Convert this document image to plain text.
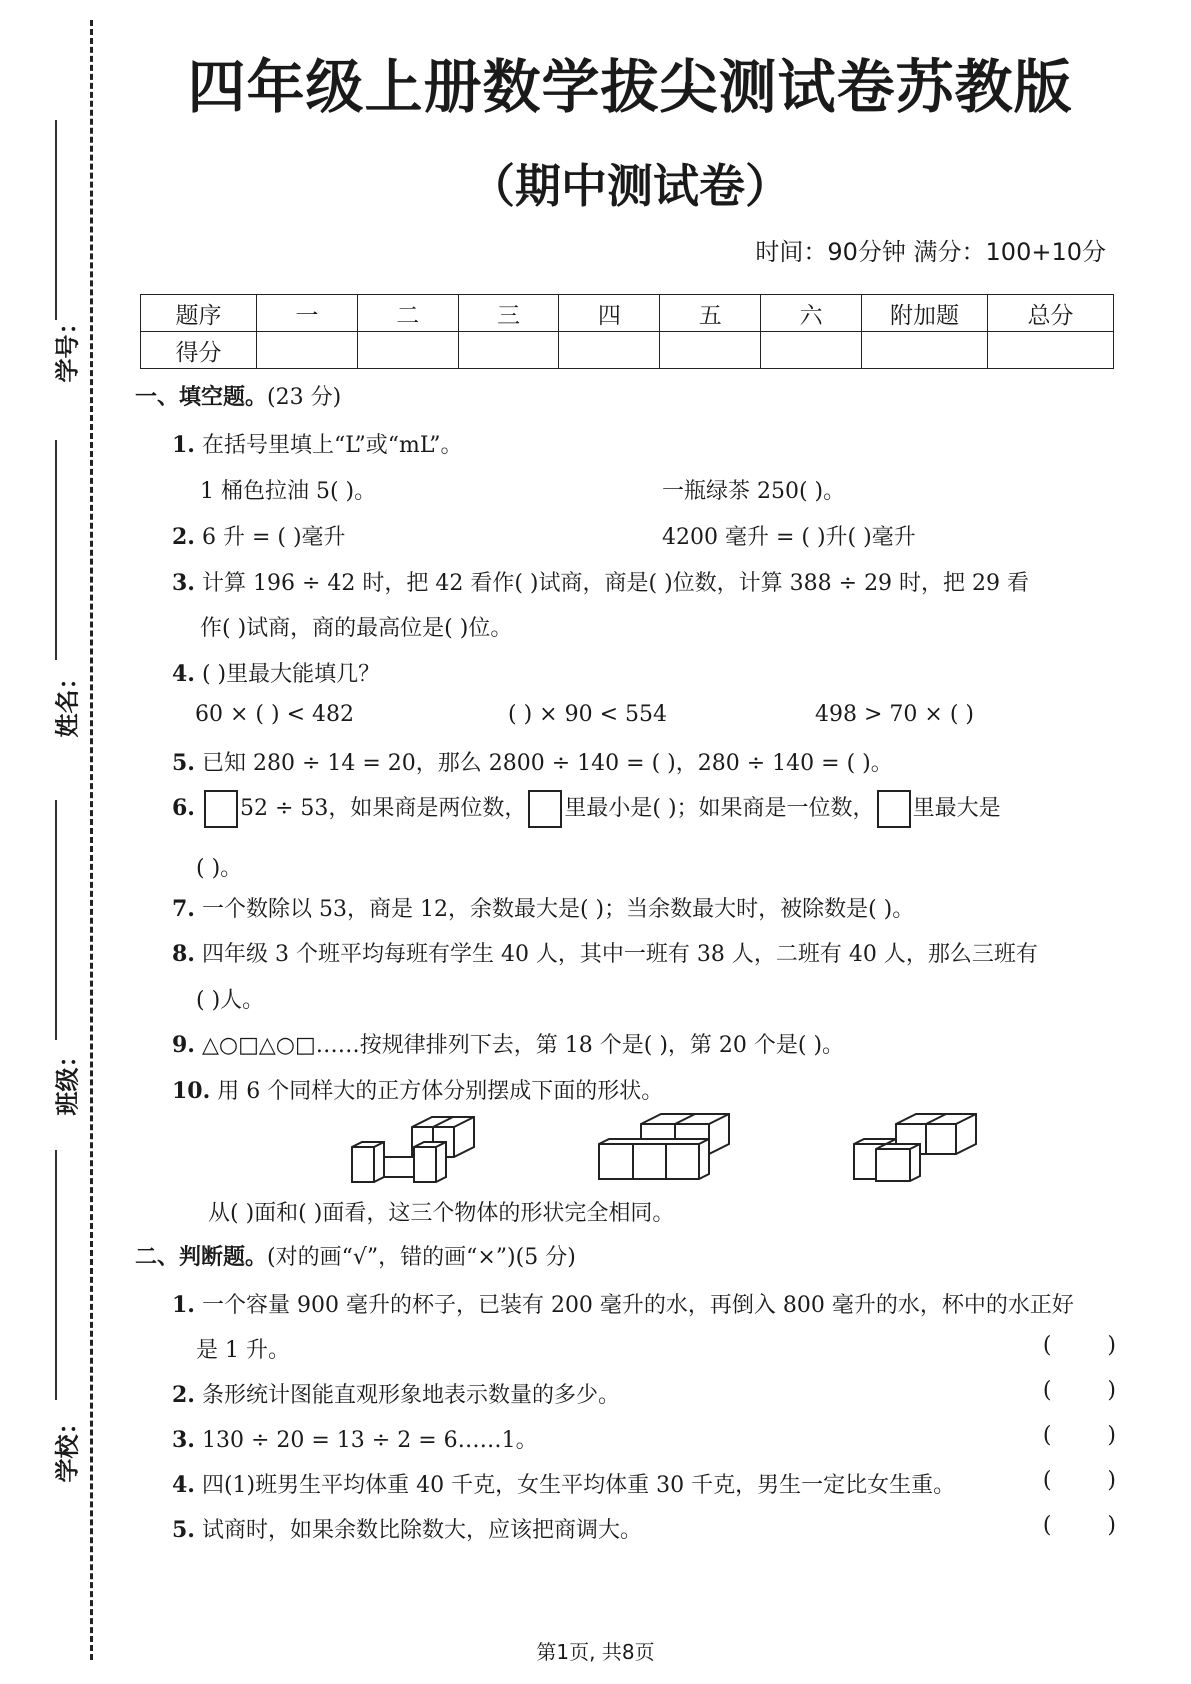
学号：
姓名：
班级：
学校：
四年级上册数学拔尖测试卷苏教版
（期中测试卷）
时间：90分钟 满分：100+10分
题序	一	二	三	四	五	六	附加题	总分
得分								
一、填空题。(23 分)
1. 在括号里填上“L”或“mL”。
1 桶色拉油 5( )。	一瓶绿茶 250( )。
2. 6 升 = ( )毫升	4200 毫升 = ( )升( )毫升
3. 计算 196 ÷ 42 时，把 42 看作( )试商，商是( )位数，计算 388 ÷ 29 时，把 29 看
作( )试商，商的最高位是( )位。
4. ( )里最大能填几？
60 × ( ) < 482	( ) × 90 < 554	498 > 70 × ( )
5. 已知 280 ÷ 14 = 20，那么 2800 ÷ 140 = ( )，280 ÷ 140 = ( )。
6. 52 ÷ 53，如果商是两位数， 里最小是( )；如果商是一位数， 里最大是
( )。
7. 一个数除以 53，商是 12，余数最大是( )；当余数最大时，被除数是( )。
8. 四年级 3 个班平均每班有学生 40 人，其中一班有 38 人，二班有 40 人，那么三班有
( )人。
9. △○□△○□……按规律排列下去，第 18 个是( )，第 20 个是( )。
10. 用 6 个同样大的正方体分别摆成下面的形状。
从( )面和( )面看，这三个物体的形状完全相同。
二、判断题。(对的画“√”，错的画“×”)(5 分)
1. 一个容量 900 毫升的杯子，已装有 200 毫升的水，再倒入 800 毫升的水，杯中的水正好
是 1 升。	(        )
2. 条形统计图能直观形象地表示数量的多少。	(        )
3. 130 ÷ 20 = 13 ÷ 2 = 6……1。	(        )
4. 四(1)班男生平均体重 40 千克，女生平均体重 30 千克，男生一定比女生重。	(        )
5. 试商时，如果余数比除数大，应该把商调大。	(        )
第1页, 共8页
